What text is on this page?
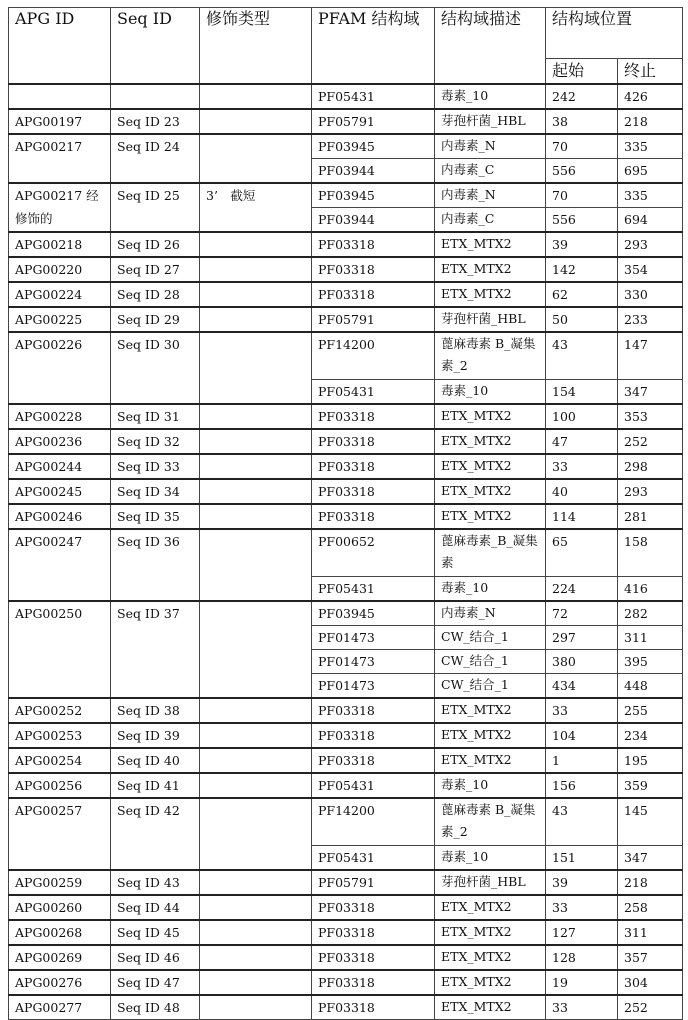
APG ID	Seq ID	修饰类型	PFAM 结构域	结构域描述	结构域位置	
					起始	终止
			PF05431	毒素_10	242	426
APG00197	Seq ID 23		PF05791	芽孢杆菌_HBL	38	218
APG00217	Seq ID 24		PF03945	内毒素_N	70	335
			PF03944	内毒素_C	556	695
APG00217 经修饰的	Seq ID 25	3’　截短	PF03945	内毒素_N	70	335
			PF03944	内毒素_C	556	694
APG00218	Seq ID 26		PF03318	ETX_MTX2	39	293
APG00220	Seq ID 27		PF03318	ETX_MTX2	142	354
APG00224	Seq ID 28		PF03318	ETX_MTX2	62	330
APG00225	Seq ID 29		PF05791	芽孢杆菌_HBL	50	233
APG00226	Seq ID 30		PF14200	蓖麻毒素 B_凝集素_2	43	147
			PF05431	毒素_10	154	347
APG00228	Seq ID 31		PF03318	ETX_MTX2	100	353
APG00236	Seq ID 32		PF03318	ETX_MTX2	47	252
APG00244	Seq ID 33		PF03318	ETX_MTX2	33	298
APG00245	Seq ID 34		PF03318	ETX_MTX2	40	293
APG00246	Seq ID 35		PF03318	ETX_MTX2	114	281
APG00247	Seq ID 36		PF00652	蓖麻毒素_B_凝集素	65	158
			PF05431	毒素_10	224	416
APG00250	Seq ID 37		PF03945	内毒素_N	72	282
			PF01473	CW_结合_1	297	311
			PF01473	CW_结合_1	380	395
			PF01473	CW_结合_1	434	448
APG00252	Seq ID 38		PF03318	ETX_MTX2	33	255
APG00253	Seq ID 39		PF03318	ETX_MTX2	104	234
APG00254	Seq ID 40		PF03318	ETX_MTX2	1	195
APG00256	Seq ID 41		PF05431	毒素_10	156	359
APG00257	Seq ID 42		PF14200	蓖麻毒素 B_凝集素_2	43	145
			PF05431	毒素_10	151	347
APG00259	Seq ID 43		PF05791	芽孢杆菌_HBL	39	218
APG00260	Seq ID 44		PF03318	ETX_MTX2	33	258
APG00268	Seq ID 45		PF03318	ETX_MTX2	127	311
APG00269	Seq ID 46		PF03318	ETX_MTX2	128	357
APG00276	Seq ID 47		PF03318	ETX_MTX2	19	304
APG00277	Seq ID 48		PF03318	ETX_MTX2	33	252
